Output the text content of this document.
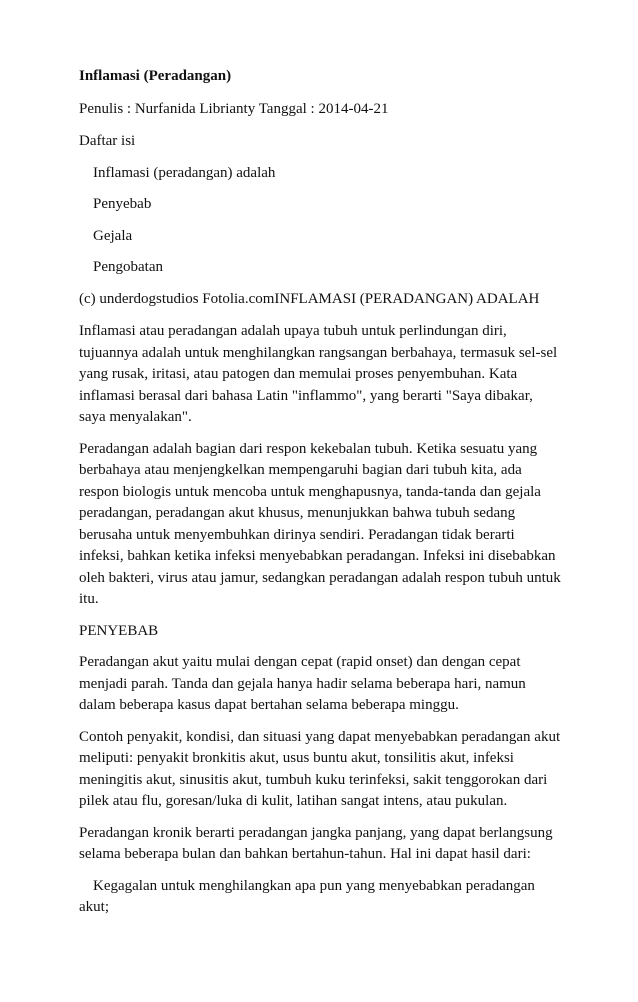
Inflamasi (Peradangan)
Penulis : Nurfanida Librianty Tanggal : 2014-04-21
Daftar isi
Inflamasi (peradangan) adalah
Penyebab
Gejala
Pengobatan
(c) underdogstudios Fotolia.comINFLAMASI (PERADANGAN) ADALAH
Inflamasi atau peradangan adalah upaya tubuh untuk perlindungan diri,
tujuannya adalah untuk menghilangkan rangsangan berbahaya, termasuk sel-sel
yang rusak, iritasi, atau patogen dan memulai proses penyembuhan. Kata
inflamasi berasal dari bahasa Latin "inflammo", yang berarti "Saya dibakar,
saya menyalakan".
Peradangan adalah bagian dari respon kekebalan tubuh. Ketika sesuatu yang
berbahaya atau menjengkelkan mempengaruhi bagian dari tubuh kita, ada
respon biologis untuk mencoba untuk menghapusnya, tanda-tanda dan gejala
peradangan, peradangan akut khusus, menunjukkan bahwa tubuh sedang
berusaha untuk menyembuhkan dirinya sendiri. Peradangan tidak berarti
infeksi, bahkan ketika infeksi menyebabkan peradangan. Infeksi ini disebabkan
oleh bakteri, virus atau jamur, sedangkan peradangan adalah respon tubuh untuk
itu.
PENYEBAB
Peradangan akut yaitu mulai dengan cepat (rapid onset) dan dengan cepat
menjadi parah. Tanda dan gejala hanya hadir selama beberapa hari, namun
dalam beberapa kasus dapat bertahan selama beberapa minggu.
Contoh penyakit, kondisi, dan situasi yang dapat menyebabkan peradangan akut
meliputi: penyakit bronkitis akut, usus buntu akut, tonsilitis akut, infeksi
meningitis akut, sinusitis akut, tumbuh kuku terinfeksi, sakit tenggorokan dari
pilek atau flu, goresan/luka di kulit, latihan sangat intens, atau pukulan.
Peradangan kronik berarti peradangan jangka panjang, yang dapat berlangsung
selama beberapa bulan dan bahkan bertahun-tahun. Hal ini dapat hasil dari:
Kegagalan untuk menghilangkan apa pun yang menyebabkan peradangan
akut;
